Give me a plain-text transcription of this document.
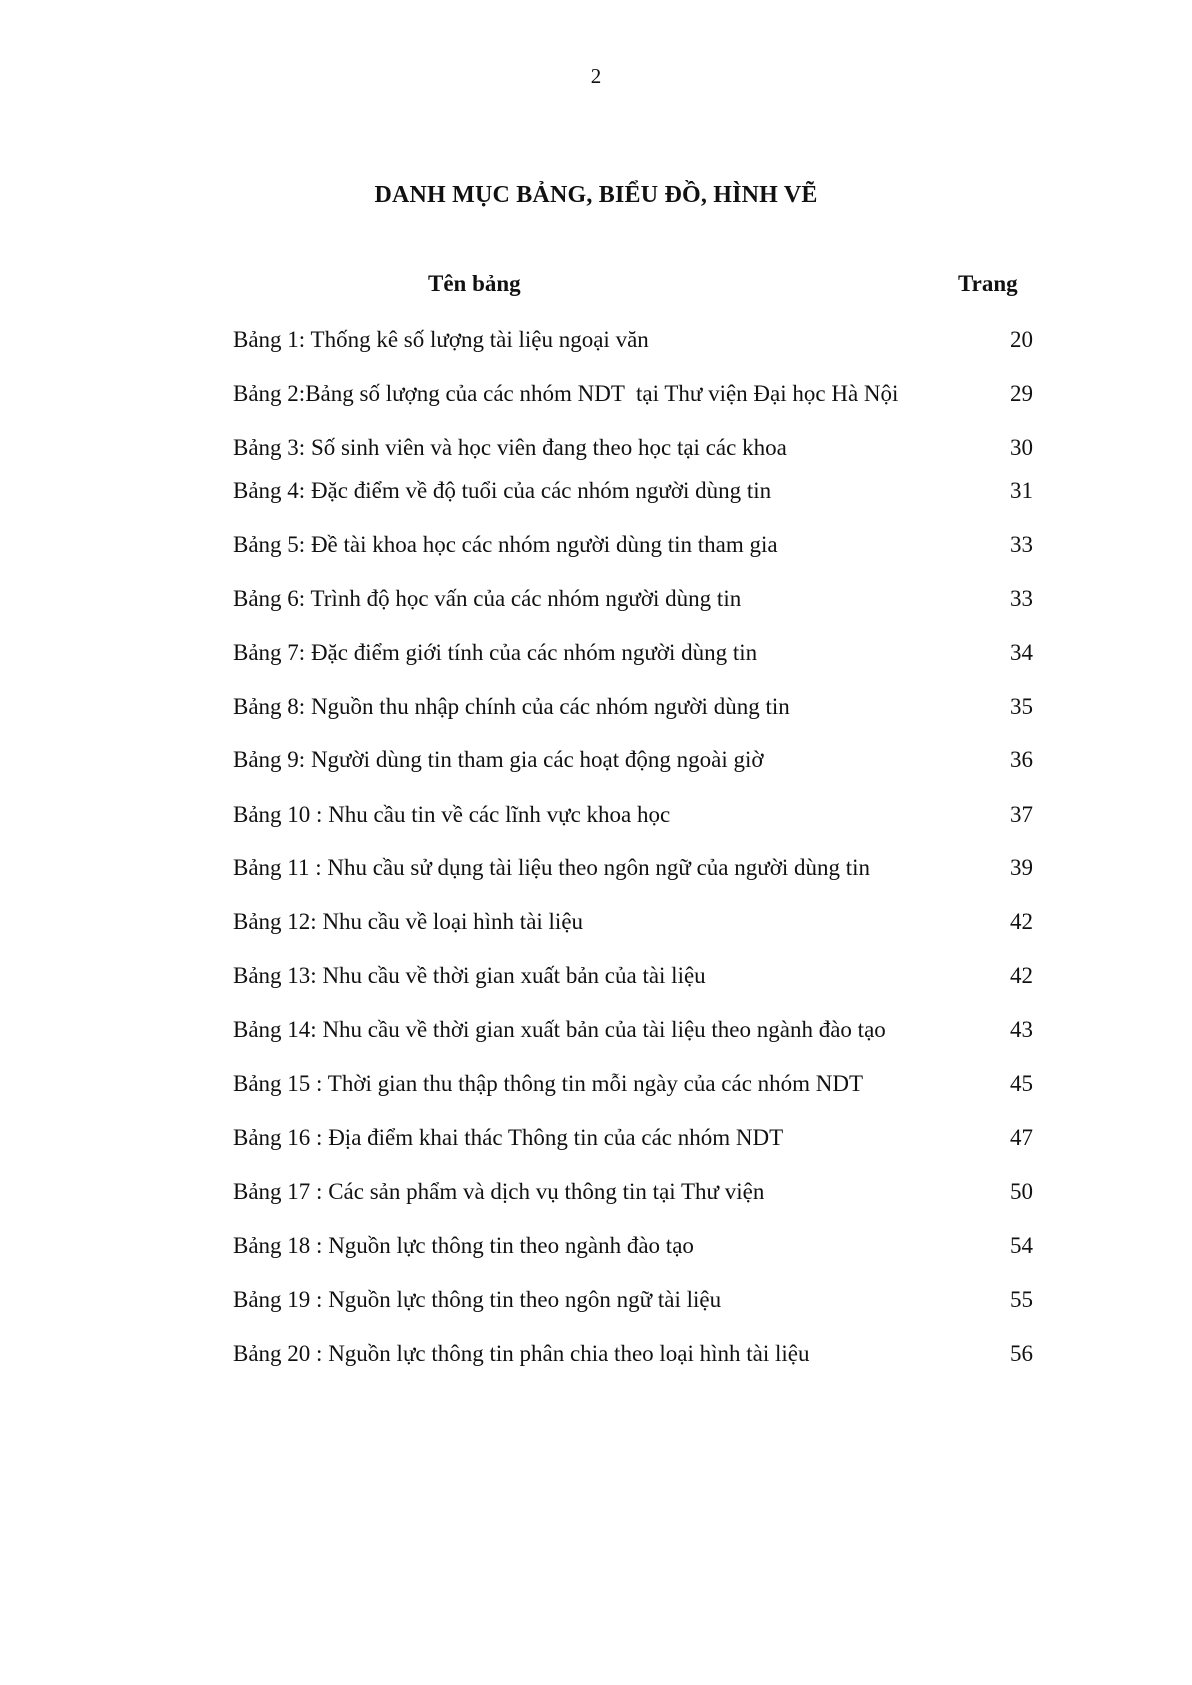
2
DANH MỤC BẢNG, BIỂU ĐỒ, HÌNH VẼ
Tên bảng	Trang
Bảng 1: Thống kê số lượng tài liệu ngoại văn	20
Bảng 2:Bảng số lượng của các nhóm NDT  tại Thư viện Đại học Hà Nội	29
Bảng 3: Số sinh viên và học viên đang theo học tại các khoa	30
Bảng 4: Đặc điểm về độ tuổi của các nhóm người dùng tin	31
Bảng 5: Đề tài khoa học các nhóm người dùng tin tham gia	33
Bảng 6: Trình độ học vấn của các nhóm người dùng tin	33
Bảng 7: Đặc điểm giới tính của các nhóm người dùng tin	34
Bảng 8: Nguồn thu nhập chính của các nhóm người dùng tin	35
Bảng 9: Người dùng tin tham gia các hoạt động ngoài giờ	36
Bảng 10 : Nhu cầu tin về các lĩnh vực khoa học	37
Bảng 11 : Nhu cầu sử dụng tài liệu theo ngôn ngữ của người dùng tin	39
Bảng 12: Nhu cầu về loại hình tài liệu	42
Bảng 13: Nhu cầu về thời gian xuất bản của tài liệu	42
Bảng 14: Nhu cầu về thời gian xuất bản của tài liệu theo ngành đào tạo	43
Bảng 15 : Thời gian thu thập thông tin mỗi ngày của các nhóm NDT	45
Bảng 16 : Địa điểm khai thác Thông tin của các nhóm NDT	47
Bảng 17 : Các sản phẩm và dịch vụ thông tin tại Thư viện	50
Bảng 18 : Nguồn lực thông tin theo ngành đào tạo	54
Bảng 19 : Nguồn lực thông tin theo ngôn ngữ tài liệu	55
Bảng 20 : Nguồn lực thông tin phân chia theo loại hình tài liệu	56
